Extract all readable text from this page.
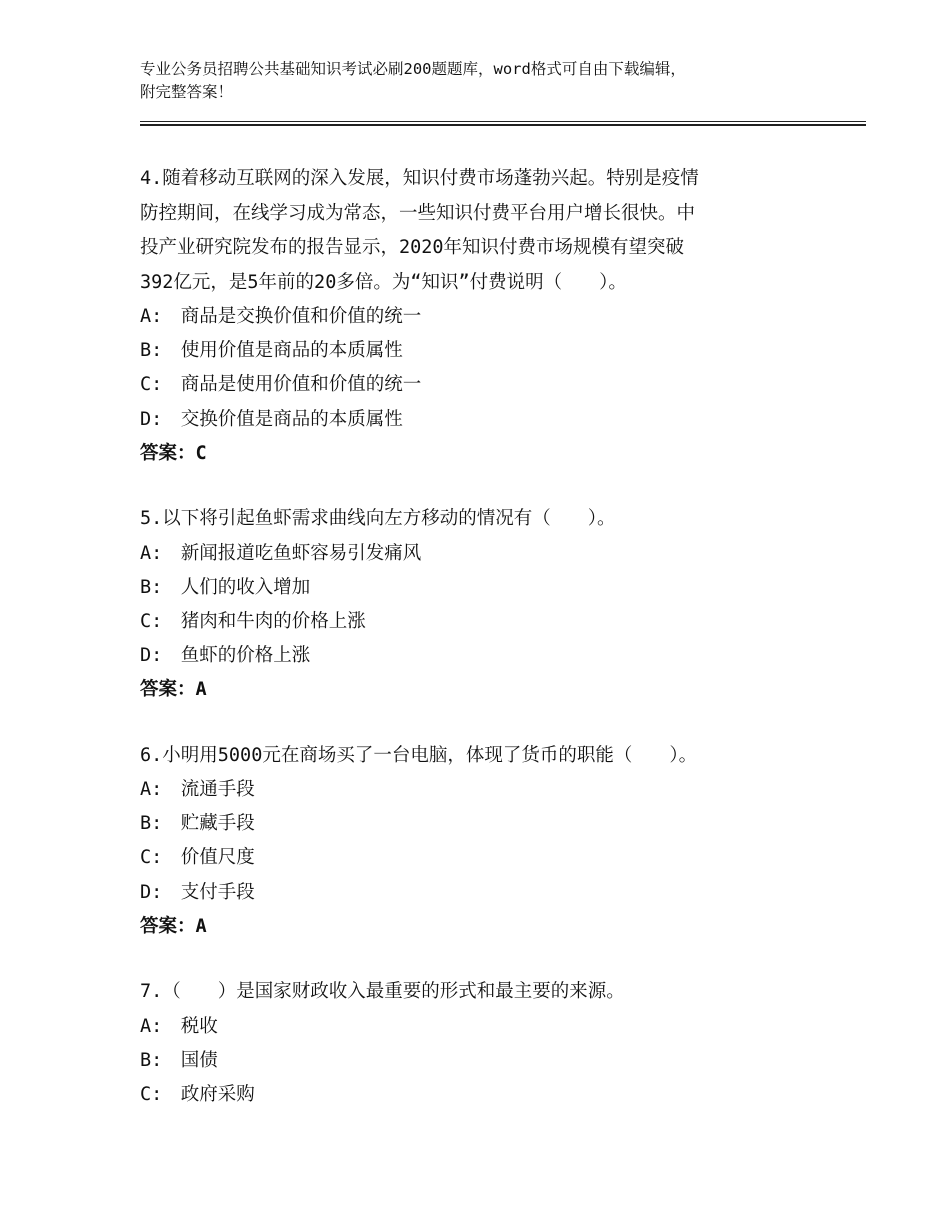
专业公务员招聘公共基础知识考试必刷200题题库，word格式可自由下载编辑，
附完整答案！
4.随着移动互联网的深入发展，知识付费市场蓬勃兴起。特别是疫情
防控期间，在线学习成为常态，一些知识付费平台用户增长很快。中
投产业研究院发布的报告显示，2020年知识付费市场规模有望突破
392亿元，是5年前的20多倍。为“知识”付费说明（　　）。
A:　商品是交换价值和价值的统一
B:　使用价值是商品的本质属性
C:　商品是使用价值和价值的统一
D:　交换价值是商品的本质属性
答案：C
5.以下将引起鱼虾需求曲线向左方移动的情况有（　　）。
A:　新闻报道吃鱼虾容易引发痛风
B:　人们的收入增加
C:　猪肉和牛肉的价格上涨
D:　鱼虾的价格上涨
答案：A
6.小明用5000元在商场买了一台电脑，体现了货币的职能（　　）。
A:　流通手段
B:　贮藏手段
C:　价值尺度
D:　支付手段
答案：A
7.（　　）是国家财政收入最重要的形式和最主要的来源。
A:　税收
B:　国债
C:　政府采购
